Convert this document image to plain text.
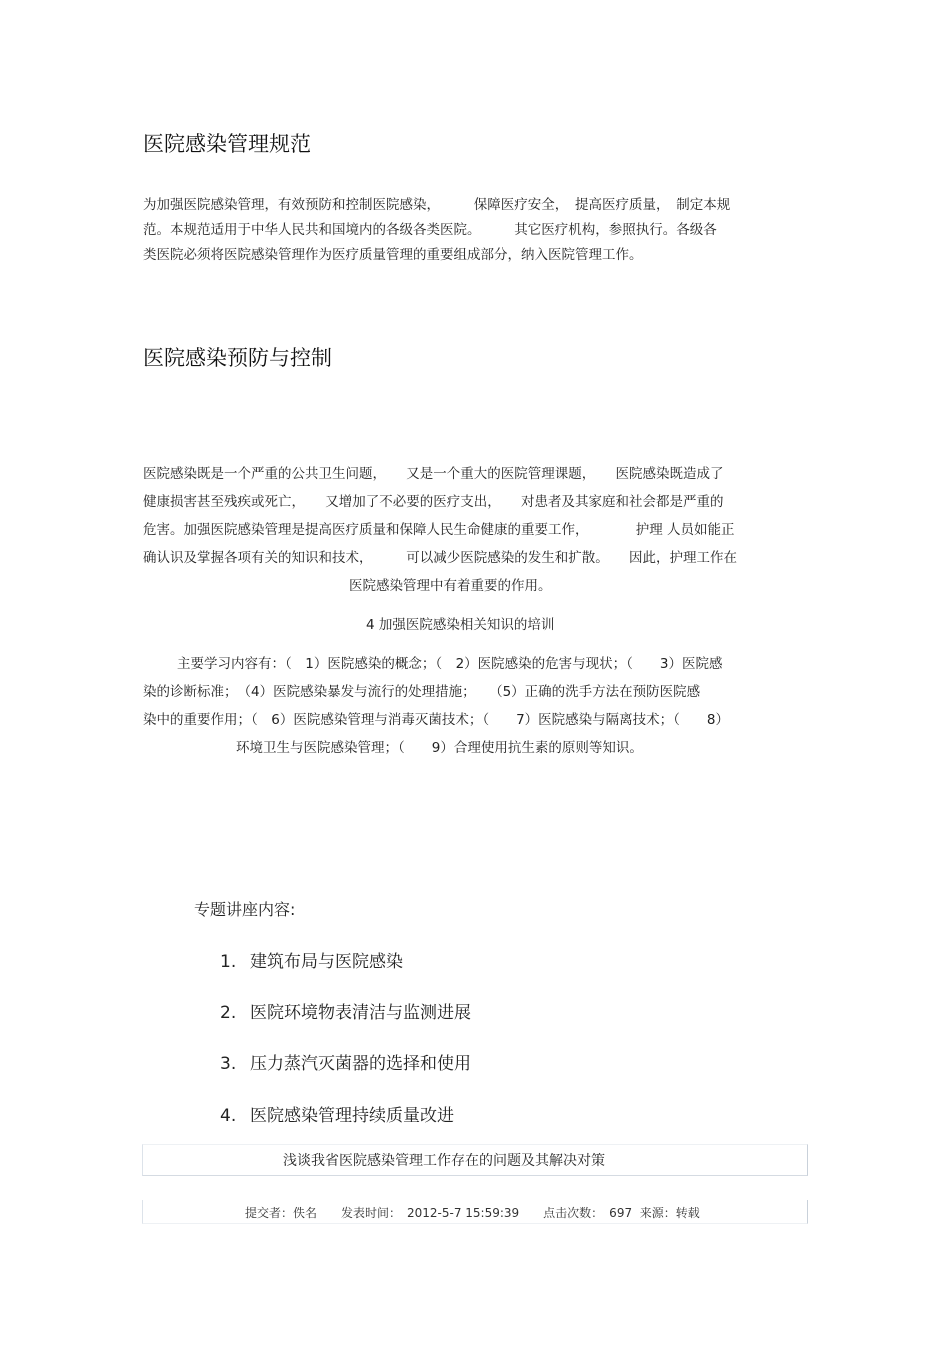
医院感染管理规范
为加强医院感染管理，有效预防和控制医院感染，　　　保障医疗安全，　提高医疗质量，　制定本规
范。本规范适用于中华人民共和国境内的各级各类医院。　　　其它医疗机构，参照执行。各级各
类医院必须将医院感染管理作为医疗质量管理的重要组成部分，纳入医院管理工作。
医院感染预防与控制
医院感染既是一个严重的公共卫生问题，　　又是一个重大的医院管理课题，　　医院感染既造成了
健康损害甚至残疾或死亡，　　又增加了不必要的医疗支出，　　对患者及其家庭和社会都是严重的
危害。加强医院感染管理是提高医疗质量和保障人民生命健康的重要工作，　　　　护理 人员如能正
确认识及掌握各项有关的知识和技术，　　　可以减少医院感染的发生和扩散。　　因此，护理工作在
医院感染管理中有着重要的作用。
4 加强医院感染相关知识的培训
主要学习内容有：（　1）医院感染的概念；（　2）医院感染的危害与现状；（　　3）医院感
染的诊断标准；　（4）医院感染暴发与流行的处理措施；　　（5）正确的洗手方法在预防医院感
染中的重要作用；（　6）医院感染管理与消毒灭菌技术；（　　7）医院感染与隔离技术；（　　8）
环境卫生与医院感染管理；（　　9）合理使用抗生素的原则等知识。
专题讲座内容:
1. 建筑布局与医院感染
2. 医院环境物表清洁与监测进展
3. 压力蒸汽灭菌器的选择和使用
4. 医院感染管理持续质量改进
浅谈我省医院感染管理工作存在的问题及其解决对策
提交者：佚名　　发表时间：　2012-5-7 15:59:39　　点击次数：　697  来源：转载
